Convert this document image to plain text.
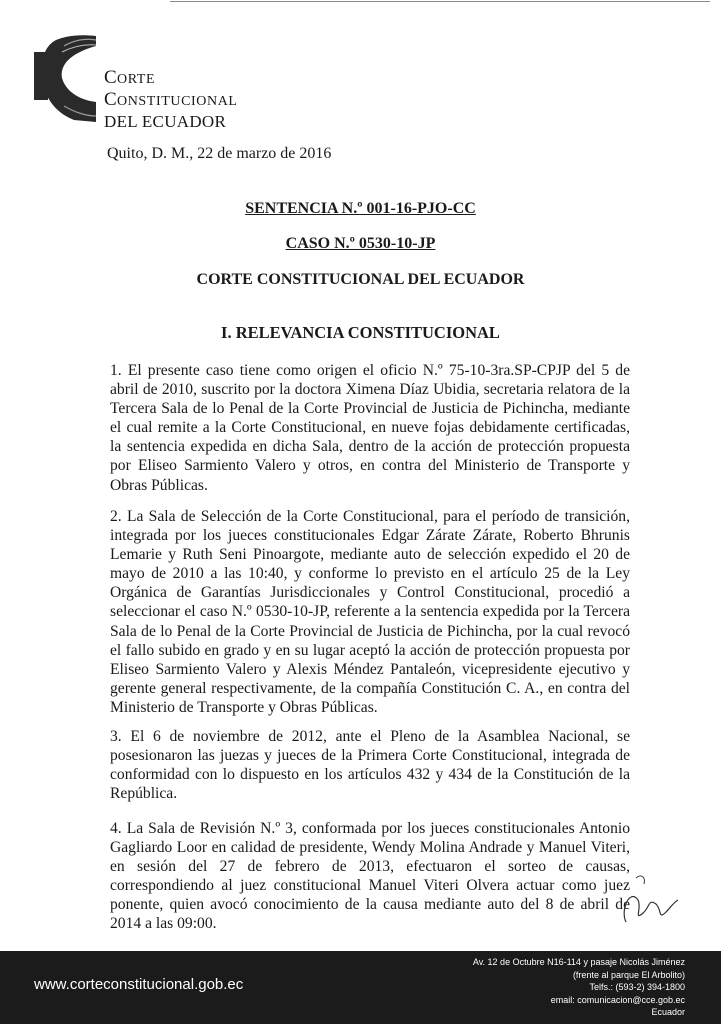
CORTE
CONSTITUCIONAL
DEL ECUADOR
Quito, D. M., 22 de marzo de 2016
SENTENCIA N.º 001-16-PJO-CC
CASO N.º 0530-10-JP
CORTE CONSTITUCIONAL DEL ECUADOR
I. RELEVANCIA CONSTITUCIONAL

1. El presente caso tiene como origen el oficio N.º 75-10-3ra.SP-CPJP del 5 de abril de 2010, suscrito por la doctora Ximena Díaz Ubidia, secretaria relatora de la Tercera Sala de lo Penal de la Corte Provincial de Justicia de Pichincha, mediante el cual remite a la Corte Constitucional, en nueve fojas debidamente certificadas, la sentencia expedida en dicha Sala, dentro de la acción de protección propuesta por Eliseo Sarmiento Valero y otros, en contra del Ministerio de Transporte y Obras Públicas.

2. La Sala de Selección de la Corte Constitucional, para el período de transición, integrada por los jueces constitucionales Edgar Zárate Zárate, Roberto Bhrunis Lemarie y Ruth Seni Pinoargote, mediante auto de selección expedido el 20 de mayo de 2010 a las 10:40, y conforme lo previsto en el artículo 25 de la Ley Orgánica de Garantías Jurisdiccionales y Control Constitucional, procedió a seleccionar el caso N.º 0530-10-JP, referente a la sentencia expedida por la Tercera Sala de lo Penal de la Corte Provincial de Justicia de Pichincha, por la cual revocó el fallo subido en grado y en su lugar aceptó la acción de protección propuesta por Eliseo Sarmiento Valero y Alexis Méndez Pantaleón, vicepresidente ejecutivo y gerente general respectivamente, de la compañía Constitución C. A., en contra del Ministerio de Transporte y Obras Públicas.

3. El 6 de noviembre de 2012, ante el Pleno de la Asamblea Nacional, se posesionaron las juezas y jueces de la Primera Corte Constitucional, integrada de conformidad con lo dispuesto en los artículos 432 y 434 de la Constitución de la República.

4. La Sala de Revisión N.º 3, conformada por los jueces constitucionales Antonio Gagliardo Loor en calidad de presidente, Wendy Molina Andrade y Manuel Viteri, en sesión del 27 de febrero de 2013, efectuaron el sorteo de causas, correspondiendo al juez constitucional Manuel Viteri Olvera actuar como juez ponente, quien avocó conocimiento de la causa mediante auto del 8 de abril de 2014 a las 09:00.

www.corteconstitucional.gob.ec
Av. 12 de Octubre N16-114 y pasaje Nicolás Jiménez
(frente al parque El Arbolito)
Telfs.: (593-2) 394-1800
email: comunicacion@cce.gob.ec
Ecuador
